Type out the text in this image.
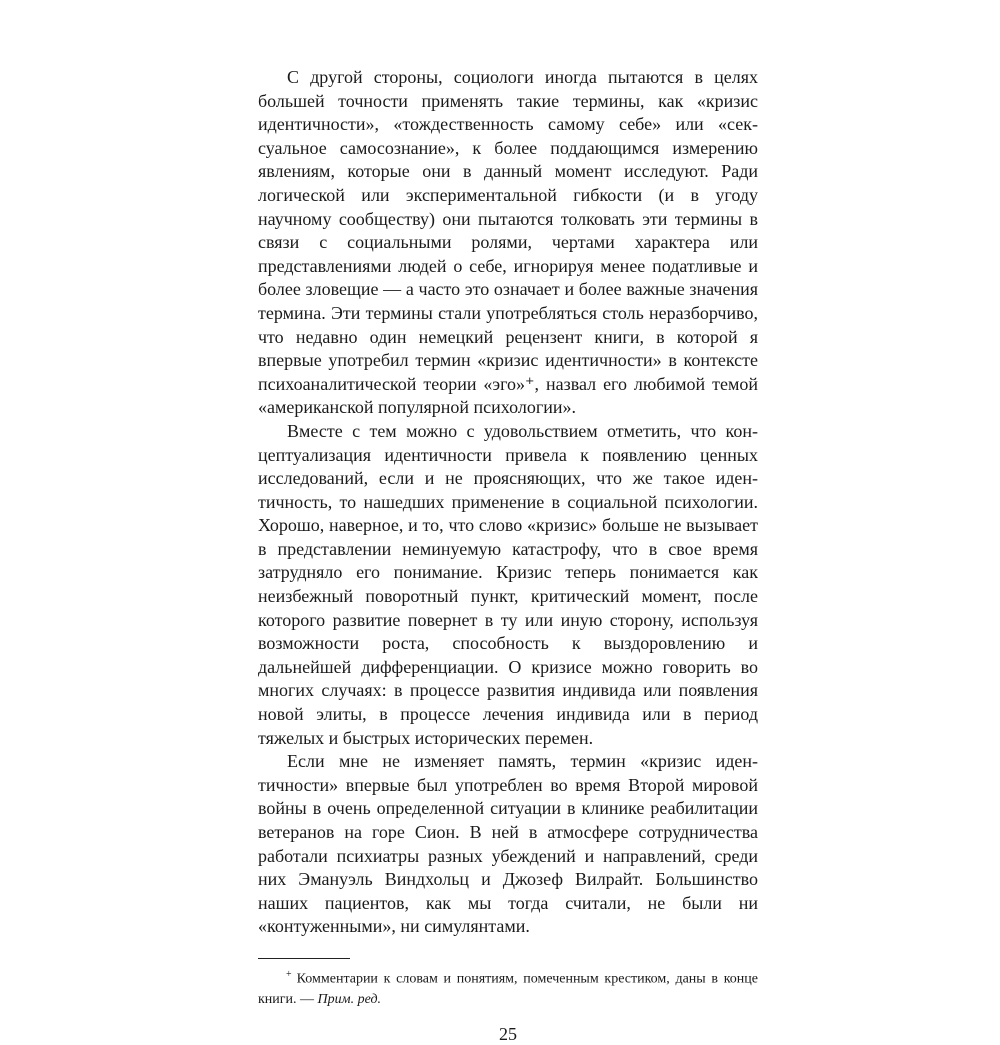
С другой стороны, социологи иногда пытаются в целях большей точности применять такие термины, как «кризис идентичности», «тождественность самому себе» или «сексуальное самосознание», к более поддающимся измерению явлениям, которые они в данный момент исследуют. Ради логической или экспериментальной гибкости (и в угоду научному сообществу) они пытаются толковать эти термины в связи с социальными ролями, чертами характера или представлениями людей о себе, игнорируя менее податливые и более зловещие — а часто это означает и более важные значения термина. Эти термины стали употребляться столь неразборчиво, что недавно один немецкий рецензент книги, в которой я впервые употребил термин «кризис идентичности» в контексте психоаналитической теории «эго»⁺, назвал его любимой темой «американской популярной психологии».

Вместе с тем можно с удовольствием отметить, что концептуализация идентичности привела к появлению ценных исследований, если и не проясняющих, что же такое идентичность, то нашедших применение в социальной психологии. Хорошо, наверное, и то, что слово «кризис» больше не вызывает в представлении неминуемую катастрофу, что в свое время затрудняло его понимание. Кризис теперь понимается как неизбежный поворотный пункт, критический момент, после которого развитие повернет в ту или иную сторону, используя возможности роста, способность к выздоровлению и дальнейшей дифференциации. О кризисе можно говорить во многих случаях: в процессе развития индивида или появления новой элиты, в процессе лечения индивида или в период тяжелых и быстрых исторических перемен.

Если мне не изменяет память, термин «кризис идентичности» впервые был употреблен во время Второй мировой войны в очень определенной ситуации в клинике реабилитации ветеранов на горе Сион. В ней в атмосфере сотрудничества работали психиатры разных убеждений и направлений, среди них Эмануэль Виндхольц и Джозеф Вилрайт. Большинство наших пациентов, как мы тогда считали, не были ни «контуженными», ни симулянтами.

+ Комментарии к словам и понятиям, помеченным крестиком, даны в конце книги. — Прим. ред.

25
